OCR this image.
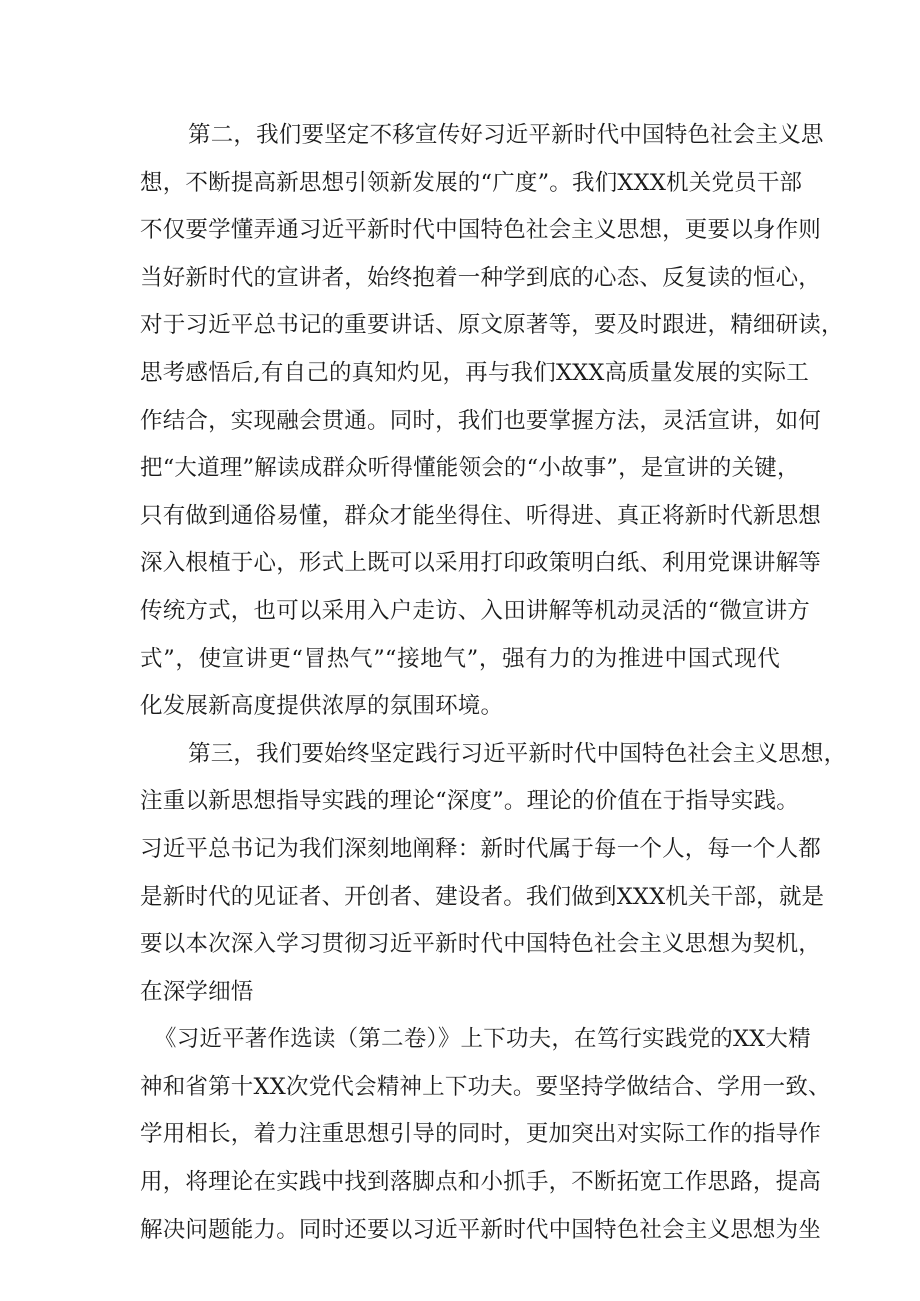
第二，我们要坚定不移宣传好习近平新时代中国特色社会主义思
想，不断提高新思想引领新发展的“广度”。我们XXX机关党员干部
不仅要学懂弄通习近平新时代中国特色社会主义思想，更要以身作则
当好新时代的宣讲者，始终抱着一种学到底的心态、反复读的恒心，
对于习近平总书记的重要讲话、原文原著等，要及时跟进，精细研读，
思考感悟后,有自己的真知灼见，再与我们XXX高质量发展的实际工
作结合，实现融会贯通。同时，我们也要掌握方法，灵活宣讲，如何
把“大道理”解读成群众听得懂能领会的“小故事”，是宣讲的关键，
只有做到通俗易懂，群众才能坐得住、听得进、真正将新时代新思想
深入根植于心，形式上既可以采用打印政策明白纸、利用党课讲解等
传统方式，也可以采用入户走访、入田讲解等机动灵活的“微宣讲方
式”，使宣讲更“冒热气”“接地气”，强有力的为推进中国式现代
化发展新高度提供浓厚的氛围环境。
第三，我们要始终坚定践行习近平新时代中国特色社会主义思想，
注重以新思想指导实践的理论“深度”。理论的价值在于指导实践。
习近平总书记为我们深刻地阐释：新时代属于每一个人，每一个人都
是新时代的见证者、开创者、建设者。我们做到XXX机关干部，就是
要以本次深入学习贯彻习近平新时代中国特色社会主义思想为契机，
在深学细悟
《习近平著作选读（第二卷）》上下功夫，在笃行实践党的XX大精
神和省第十XX次党代会精神上下功夫。要坚持学做结合、学用一致、
学用相长，着力注重思想引导的同时，更加突出对实际工作的指导作
用，将理论在实践中找到落脚点和小抓手，不断拓宽工作思路，提高
解决问题能力。同时还要以习近平新时代中国特色社会主义思想为坐
